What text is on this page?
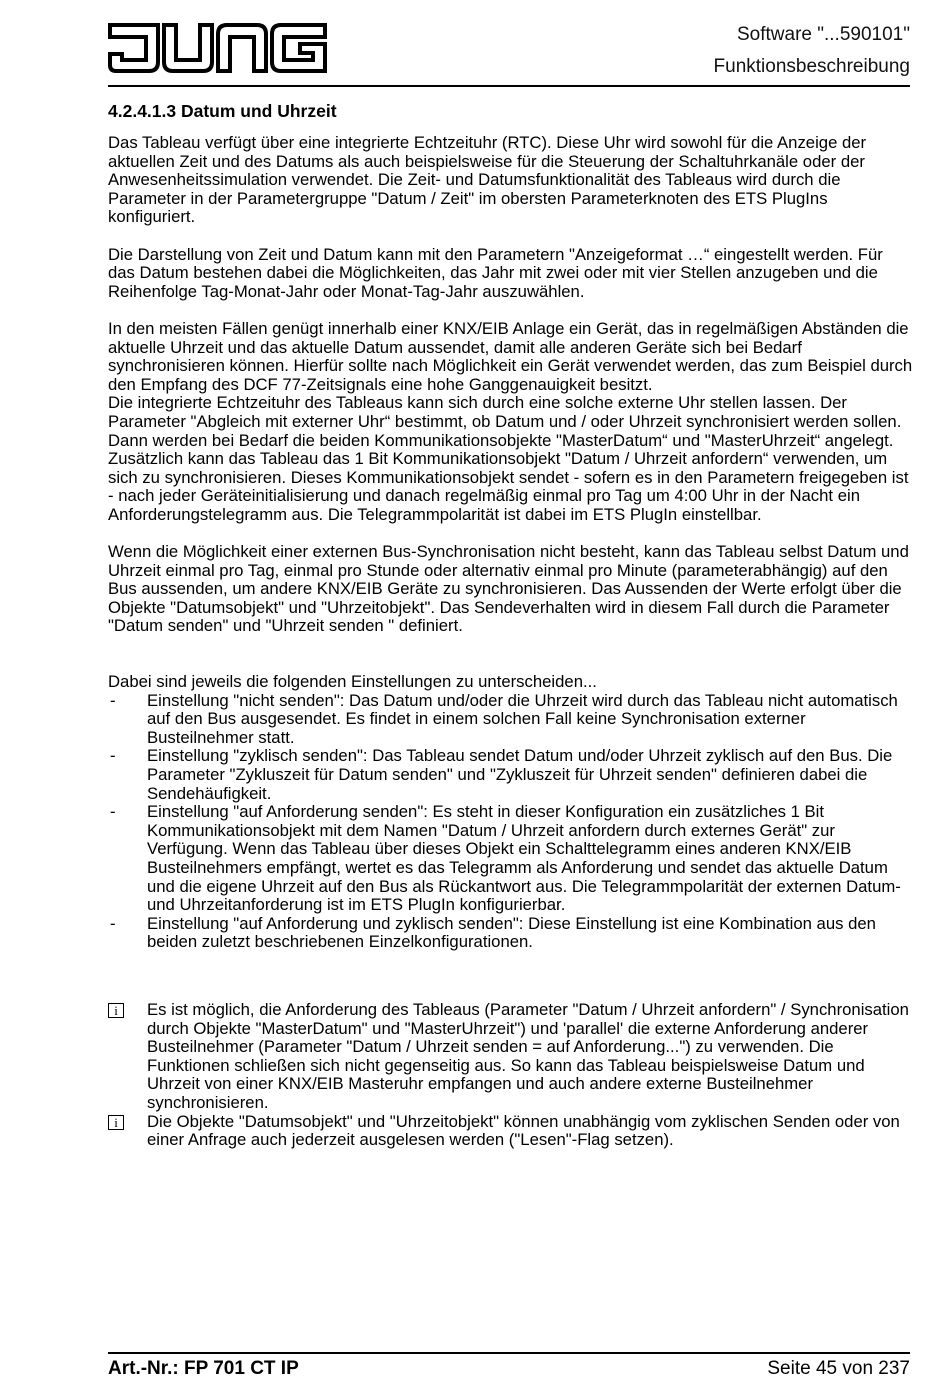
Software "...590101"
Funktionsbeschreibung
4.2.4.1.3 Datum und Uhrzeit
Das Tableau verfügt über eine integrierte Echtzeituhr (RTC). Diese Uhr wird sowohl für die Anzeige der aktuellen Zeit und des Datums als auch beispielsweise für die Steuerung der Schaltuhrkanäle oder der Anwesenheitssimulation verwendet. Die Zeit- und Datumsfunktionalität des Tableaus wird durch die Parameter in der Parametergruppe "Datum / Zeit" im obersten Parameterknoten des ETS PlugIns konfiguriert.
Die Darstellung von Zeit und Datum kann mit den Parametern "Anzeigeformat …“ eingestellt werden. Für das Datum bestehen dabei die Möglichkeiten, das Jahr mit zwei oder mit vier Stellen anzugeben und die Reihenfolge Tag-Monat-Jahr oder Monat-Tag-Jahr auszuwählen.
In den meisten Fällen genügt innerhalb einer KNX/EIB Anlage ein Gerät, das in regelmäßigen Abständen die aktuelle Uhrzeit und das aktuelle Datum aussendet, damit alle anderen Geräte sich bei Bedarf synchronisieren können. Hierfür sollte nach Möglichkeit ein Gerät verwendet werden, das zum Beispiel durch den Empfang des DCF 77-Zeitsignals eine hohe Ganggenauigkeit besitzt.
Die integrierte Echtzeituhr des Tableaus kann sich durch eine solche externe Uhr stellen lassen. Der Parameter "Abgleich mit externer Uhr“ bestimmt, ob Datum und / oder Uhrzeit synchronisiert werden sollen. Dann werden bei Bedarf die beiden Kommunikationsobjekte "MasterDatum“ und "MasterUhrzeit“ angelegt. Zusätzlich kann das Tableau das 1 Bit Kommunikationsobjekt "Datum / Uhrzeit anfordern“ verwenden, um sich zu synchronisieren. Dieses Kommunikationsobjekt sendet - sofern es in den Parametern freigegeben ist - nach jeder Geräteinitialisierung und danach regelmäßig einmal pro Tag um 4:00 Uhr in der Nacht ein Anforderungstelegramm aus. Die Telegrammpolarität ist dabei im ETS PlugIn einstellbar.
Wenn die Möglichkeit einer externen Bus-Synchronisation nicht besteht, kann das Tableau selbst Datum und Uhrzeit einmal pro Tag, einmal pro Stunde oder alternativ einmal pro Minute (parameterabhängig) auf den Bus aussenden, um andere KNX/EIB Geräte zu synchronisieren. Das Aussenden der Werte erfolgt über die Objekte "Datumsobjekt" und "Uhrzeitobjekt". Das Sendeverhalten wird in diesem Fall durch die Parameter "Datum senden" und "Uhrzeit senden " definiert.
Dabei sind jeweils die folgenden Einstellungen zu unterscheiden...
- Einstellung "nicht senden": Das Datum und/oder die Uhrzeit wird durch das Tableau nicht automatisch auf den Bus ausgesendet. Es findet in einem solchen Fall keine Synchronisation externer Busteilnehmer statt.
- Einstellung "zyklisch senden": Das Tableau sendet Datum und/oder Uhrzeit zyklisch auf den Bus. Die Parameter "Zykluszeit für Datum senden" und "Zykluszeit für Uhrzeit senden" definieren dabei die Sendehäufigkeit.
- Einstellung "auf Anforderung senden": Es steht in dieser Konfiguration ein zusätzliches 1 Bit Kommunikationsobjekt mit dem Namen "Datum / Uhrzeit anfordern durch externes Gerät" zur Verfügung. Wenn das Tableau über dieses Objekt ein Schalttelegramm eines anderen KNX/EIB Busteilnehmers empfängt, wertet es das Telegramm als Anforderung und sendet das aktuelle Datum und die eigene Uhrzeit auf den Bus als Rückantwort aus. Die Telegrammpolarität der externen Datum- und Uhrzeitanforderung ist im ETS PlugIn konfigurierbar.
- Einstellung "auf Anforderung und zyklisch senden": Diese Einstellung ist eine Kombination aus den beiden zuletzt beschriebenen Einzelkonfigurationen.
i	Es ist möglich, die Anforderung des Tableaus (Parameter "Datum / Uhrzeit anfordern" / Synchronisation durch Objekte "MasterDatum" und "MasterUhrzeit") und 'parallel' die externe Anforderung anderer Busteilnehmer (Parameter "Datum / Uhrzeit senden = auf Anforderung...") zu verwenden. Die Funktionen schließen sich nicht gegenseitig aus. So kann das Tableau beispielsweise Datum und Uhrzeit von einer KNX/EIB Masteruhr empfangen und auch andere externe Busteilnehmer synchronisieren.
i	Die Objekte "Datumsobjekt" und "Uhrzeitobjekt" können unabhängig vom zyklischen Senden oder von einer Anfrage auch jederzeit ausgelesen werden ("Lesen"-Flag setzen).
Art.-Nr.: FP 701 CT IP	Seite 45 von 237
